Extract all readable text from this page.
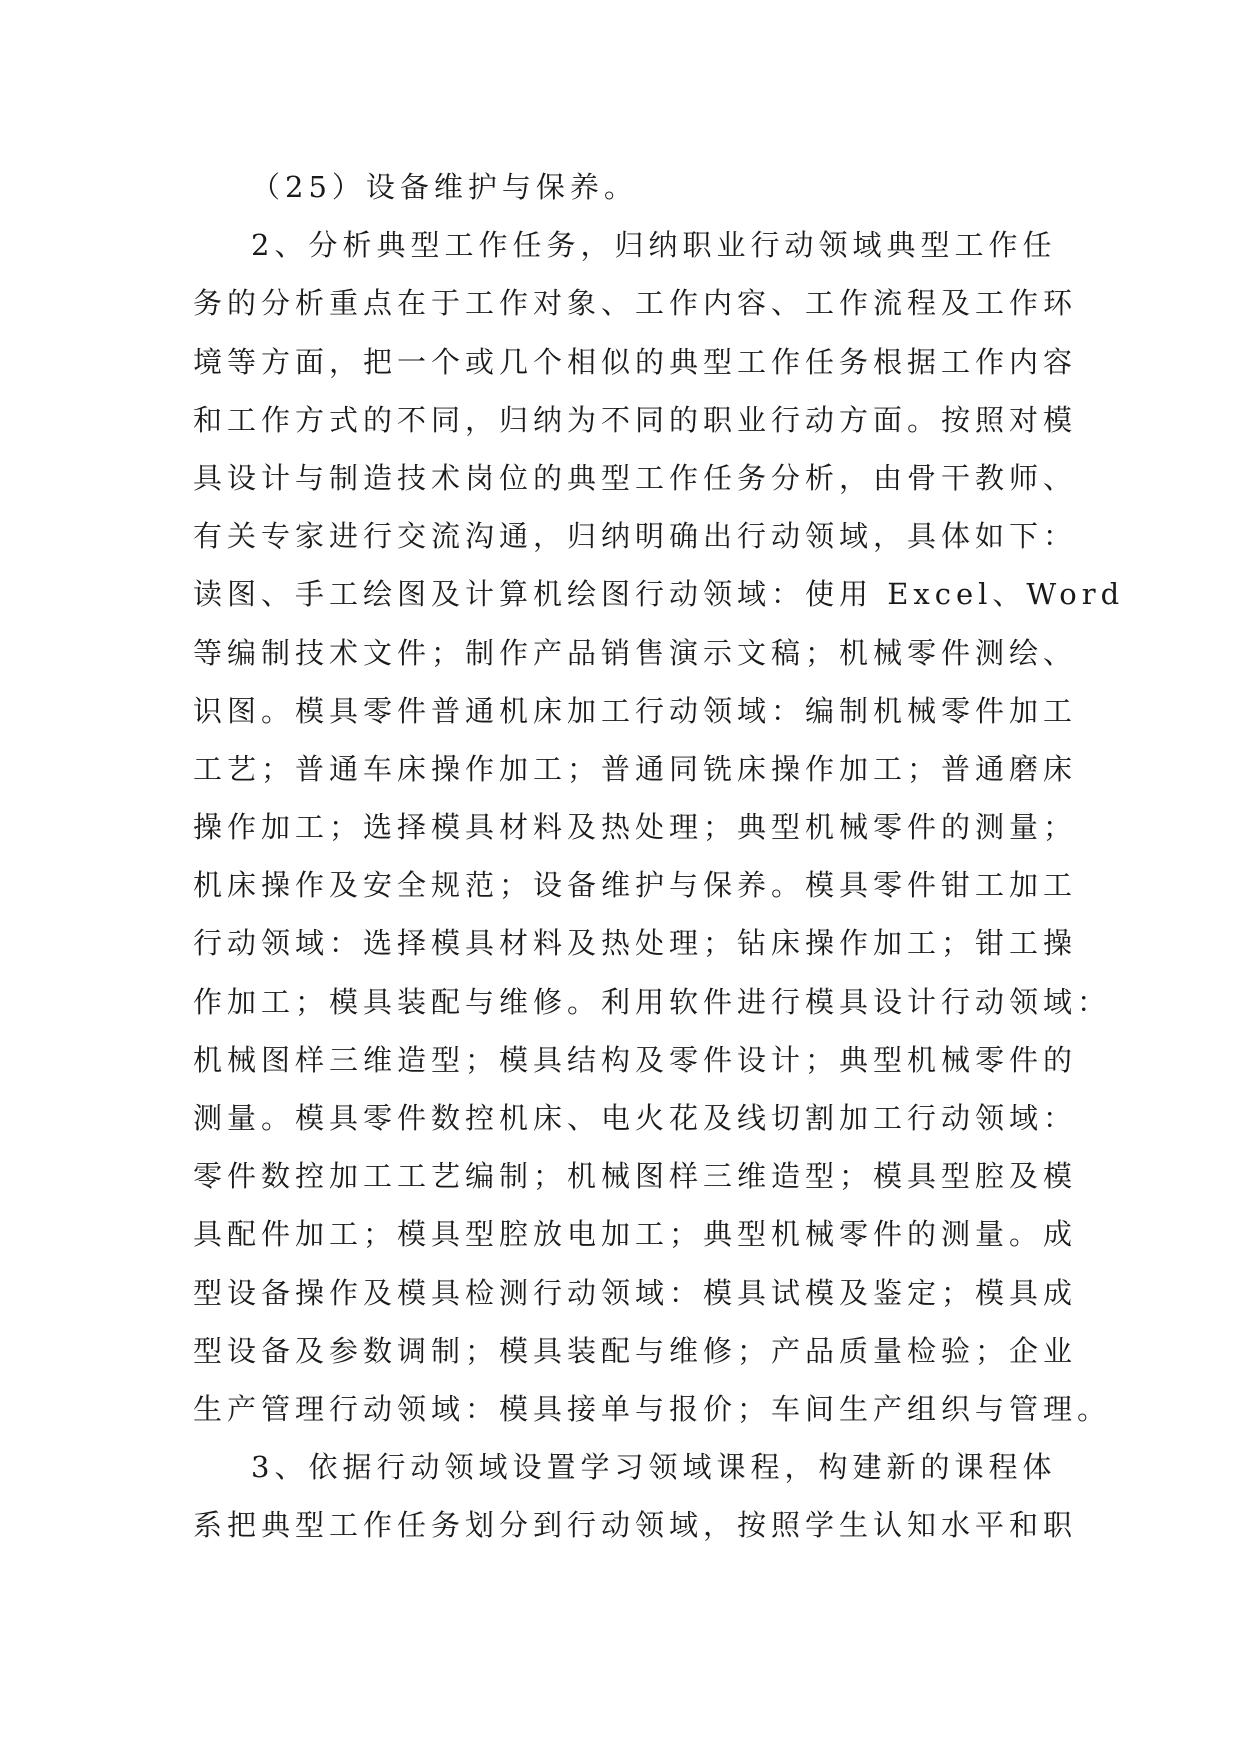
（25）设备维护与保养。
2、分析典型工作任务，归纳职业行动领域典型工作任
务的分析重点在于工作对象、工作内容、工作流程及工作环
境等方面，把一个或几个相似的典型工作任务根据工作内容
和工作方式的不同，归纳为不同的职业行动方面。按照对模
具设计与制造技术岗位的典型工作任务分析，由骨干教师、
有关专家进行交流沟通，归纳明确出行动领域，具体如下：
读图、手工绘图及计算机绘图行动领域：使用 Excel、Word
等编制技术文件；制作产品销售演示文稿；机械零件测绘、
识图。模具零件普通机床加工行动领域：编制机械零件加工
工艺；普通车床操作加工；普通同铣床操作加工；普通磨床
操作加工；选择模具材料及热处理；典型机械零件的测量；
机床操作及安全规范；设备维护与保养。模具零件钳工加工
行动领域：选择模具材料及热处理；钻床操作加工；钳工操
作加工；模具装配与维修。利用软件进行模具设计行动领域：
机械图样三维造型；模具结构及零件设计；典型机械零件的
测量。模具零件数控机床、电火花及线切割加工行动领域：
零件数控加工工艺编制；机械图样三维造型；模具型腔及模
具配件加工；模具型腔放电加工；典型机械零件的测量。成
型设备操作及模具检测行动领域：模具试模及鉴定；模具成
型设备及参数调制；模具装配与维修；产品质量检验；企业
生产管理行动领域：模具接单与报价；车间生产组织与管理。
3、依据行动领域设置学习领域课程，构建新的课程体
系把典型工作任务划分到行动领域，按照学生认知水平和职
